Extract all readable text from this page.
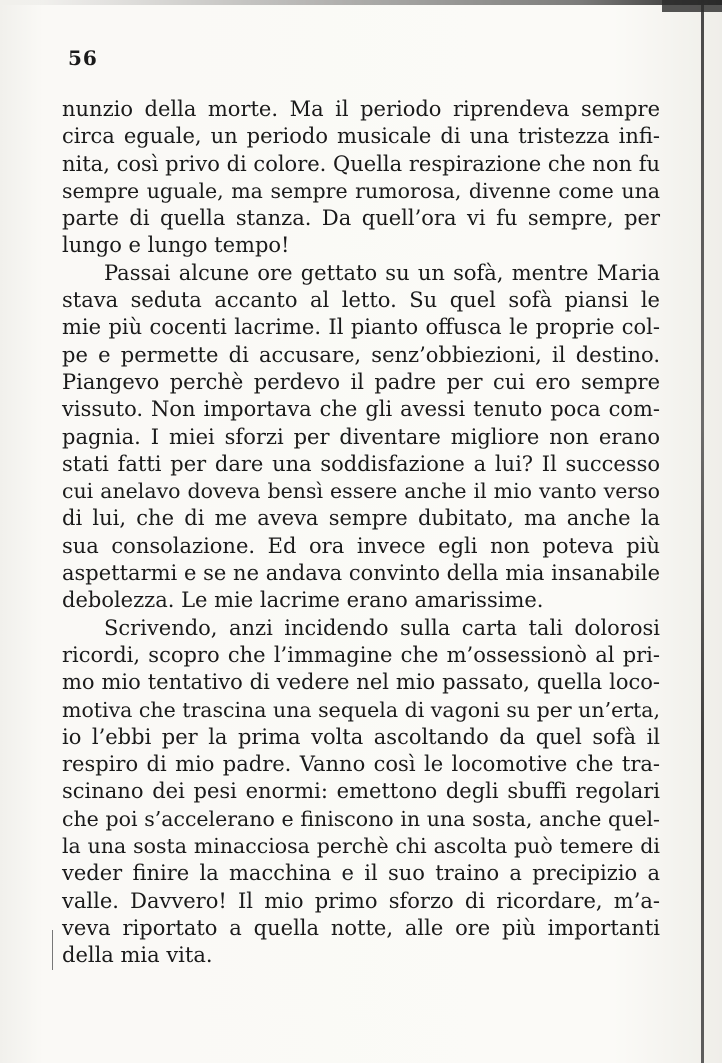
56
nunzio della morte. Ma il periodo riprendeva sempre
circa eguale, un periodo musicale di una tristezza infi-
nita, così privo di colore. Quella respirazione che non fu
sempre uguale, ma sempre rumorosa, divenne come una
parte di quella stanza. Da quell’ora vi fu sempre, per
lungo e lungo tempo!
Passai alcune ore gettato su un sofà, mentre Maria
stava seduta accanto al letto. Su quel sofà piansi le
mie più cocenti lacrime. Il pianto offusca le proprie col-
pe e permette di accusare, senz’obbiezioni, il destino.
Piangevo perchè perdevo il padre per cui ero sempre
vissuto. Non importava che gli avessi tenuto poca com-
pagnia. I miei sforzi per diventare migliore non erano
stati fatti per dare una soddisfazione a lui? Il successo
cui anelavo doveva bensì essere anche il mio vanto verso
di lui, che di me aveva sempre dubitato, ma anche la
sua consolazione. Ed ora invece egli non poteva più
aspettarmi e se ne andava convinto della mia insanabile
debolezza. Le mie lacrime erano amarissime.
Scrivendo, anzi incidendo sulla carta tali dolorosi
ricordi, scopro che l’immagine che m’ossessionò al pri-
mo mio tentativo di vedere nel mio passato, quella loco-
motiva che trascina una sequela di vagoni su per un’erta,
io l’ebbi per la prima volta ascoltando da quel sofà il
respiro di mio padre. Vanno così le locomotive che tra-
scinano dei pesi enormi: emettono degli sbuffi regolari
che poi s’accelerano e finiscono in una sosta, anche quel-
la una sosta minacciosa perchè chi ascolta può temere di
veder finire la macchina e il suo traino a precipizio a
valle. Davvero! Il mio primo sforzo di ricordare, m’a-
veva riportato a quella notte, alle ore più importanti
della mia vita.
